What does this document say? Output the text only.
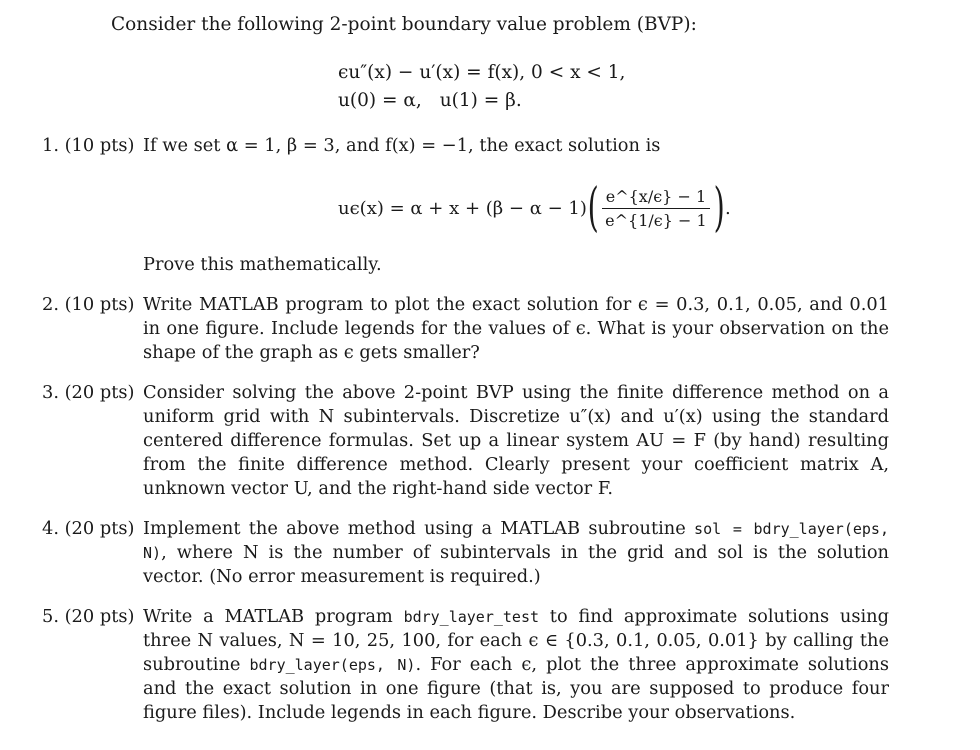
Consider the following 2-point boundary value problem (BVP):
ϵu″(x) − u′(x) = f(x), 0 < x < 1,
u(0) = α, u(1) = β.
1. (10 pts) If we set α = 1, β = 3, and f(x) = −1, the exact solution is

uϵ(x) = α + x + (β − α − 1) ( $\frac{e\^{}\{x/\epsilon\} - 1}{e\^{}\{1/\epsilon\} - 1}$ ) .
Prove this mathematically.
2. (10 pts) Write MATLAB program to plot the exact solution for ϵ = 0.3, 0.1, 0.05, and 0.01 in one figure. Include legends for the values of ϵ. What is your observation on the shape of the graph as ϵ gets smaller?

3. (20 pts) Consider solving the above 2-point BVP using the finite difference method on a uniform grid with N subintervals. Discretize u″(x) and u′(x) using the standard centered difference formulas. Set up a linear system AU = F (by hand) resulting from the finite difference method. Clearly present your coefficient matrix A, unknown vector U, and the right-hand side vector F.

4. (20 pts) Implement the above method using a MATLAB subroutine sol = bdry_layer(eps, N), where N is the number of subintervals in the grid and sol is the solution vector. (No error measurement is required.)

5. (20 pts) Write a MATLAB program bdry_layer_test to find approximate solutions using three N values, N = 10, 25, 100, for each ϵ ∈ {0.3, 0.1, 0.05, 0.01} by calling the subroutine bdry_layer(eps, N). For each ϵ, plot the three approximate solutions and the exact solution in one figure (that is, you are supposed to produce four figure files). Include legends in each figure. Describe your observations.
